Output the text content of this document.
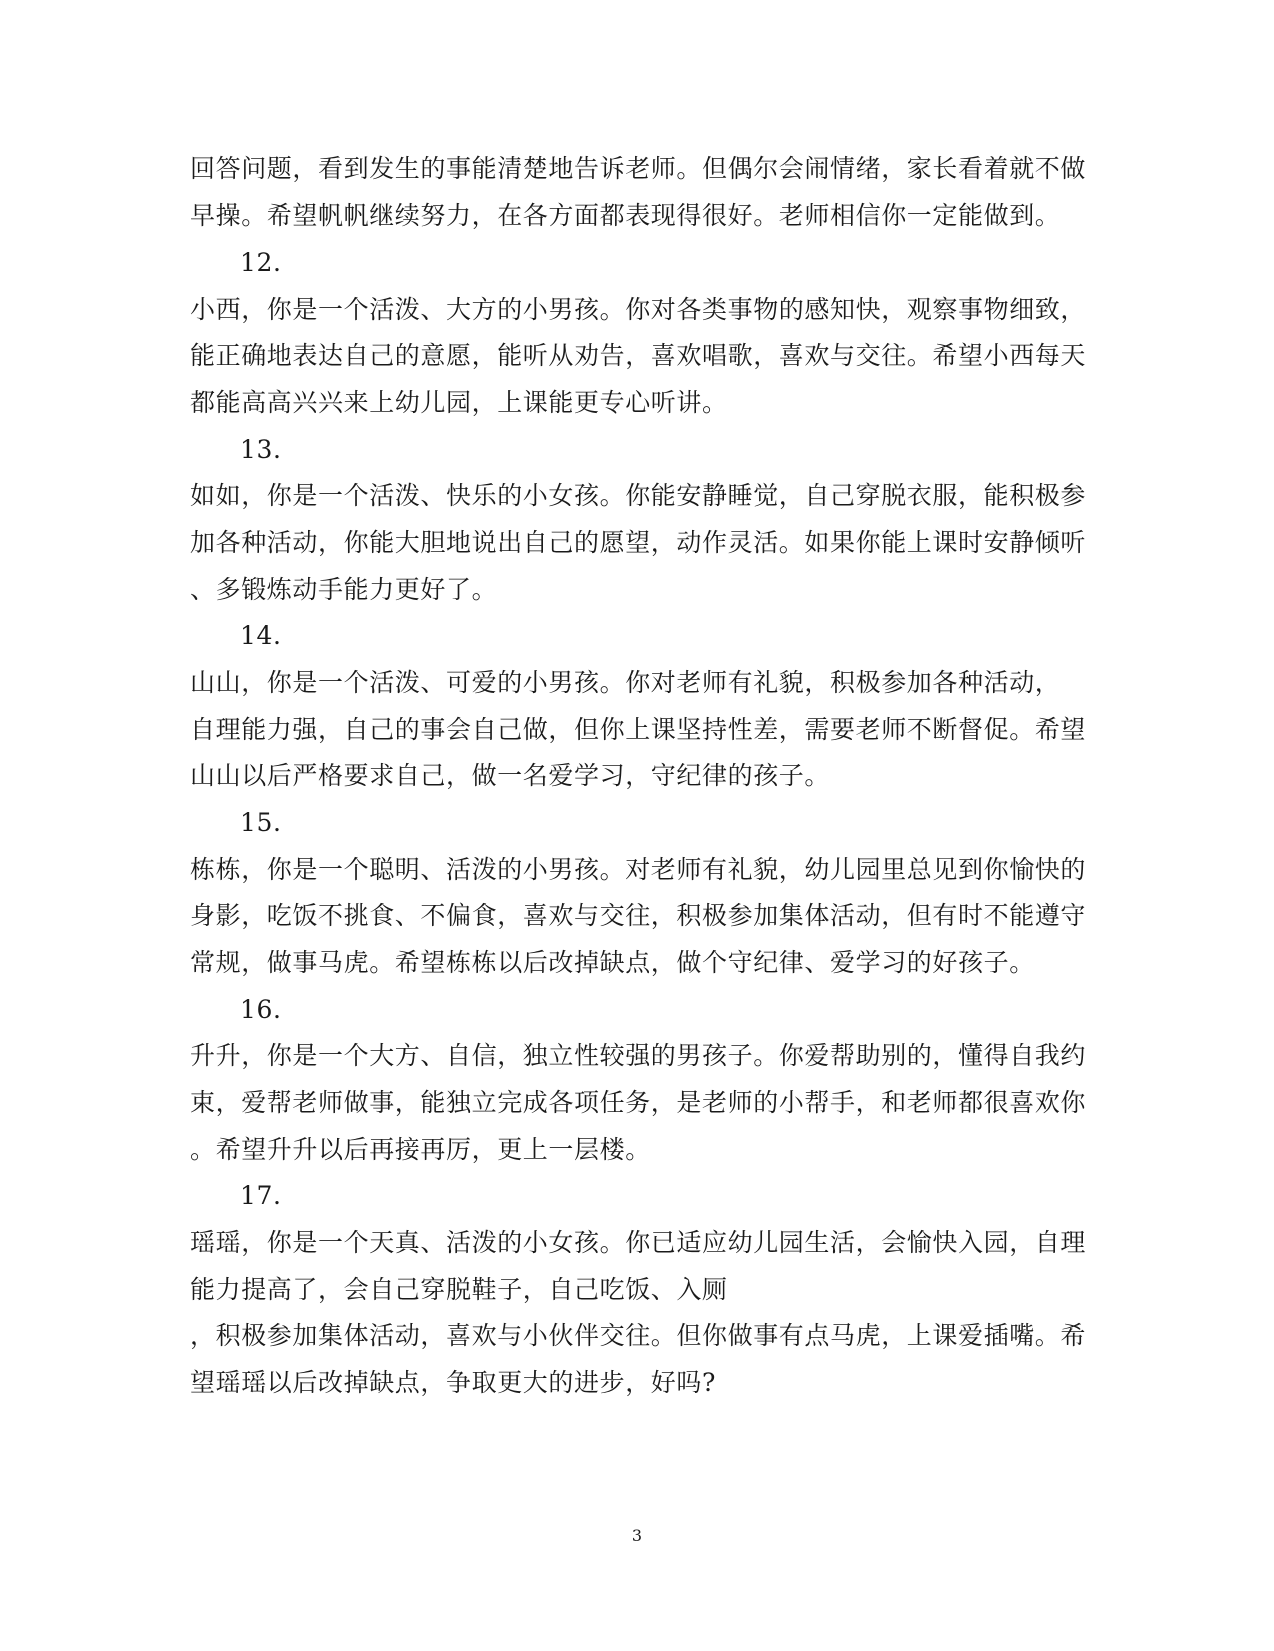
回答问题，看到发生的事能清楚地告诉老师。但偶尔会闹情绪，家长看着就不做
早操。希望帆帆继续努力，在各方面都表现得很好。老师相信你一定能做到。
12.
小西，你是一个活泼、大方的小男孩。你对各类事物的感知快，观察事物细致，
能正确地表达自己的意愿，能听从劝告，喜欢唱歌，喜欢与交往。希望小西每天
都能高高兴兴来上幼儿园，上课能更专心听讲。
13.
如如，你是一个活泼、快乐的小女孩。你能安静睡觉，自己穿脱衣服，能积极参
加各种活动，你能大胆地说出自己的愿望，动作灵活。如果你能上课时安静倾听
、多锻炼动手能力更好了。
14.
山山，你是一个活泼、可爱的小男孩。你对老师有礼貌，积极参加各种活动，
自理能力强，自己的事会自己做，但你上课坚持性差，需要老师不断督促。希望
山山以后严格要求自己，做一名爱学习，守纪律的孩子。
15.
栋栋，你是一个聪明、活泼的小男孩。对老师有礼貌，幼儿园里总见到你愉快的
身影，吃饭不挑食、不偏食，喜欢与交往，积极参加集体活动，但有时不能遵守
常规，做事马虎。希望栋栋以后改掉缺点，做个守纪律、爱学习的好孩子。
16.
升升，你是一个大方、自信，独立性较强的男孩子。你爱帮助别的，懂得自我约
束，爱帮老师做事，能独立完成各项任务，是老师的小帮手，和老师都很喜欢你
。希望升升以后再接再厉，更上一层楼。
17.
瑶瑶，你是一个天真、活泼的小女孩。你已适应幼儿园生活，会愉快入园，自理
能力提高了，会自己穿脱鞋子，自己吃饭、入厕
，积极参加集体活动，喜欢与小伙伴交往。但你做事有点马虎，上课爱插嘴。希
望瑶瑶以后改掉缺点，争取更大的进步，好吗?
3
